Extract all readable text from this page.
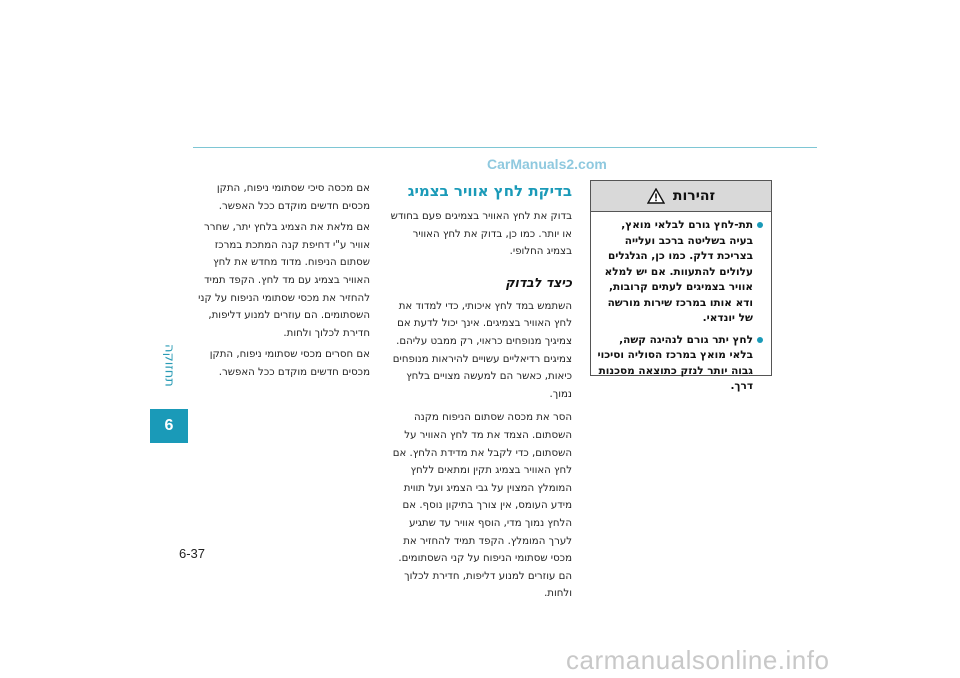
CarManuals2.com
תחזוקה
6
זהירות
תת-לחץ גורם לבלאי מואץ, בעיה בשליטה ברכב ועלייה בצריכת דלק. כמו כן, הגלגלים עלולים להתעוות. אם יש למלא אוויר בצמיגים לעתים קרובות, ודא אותו במרכז שירות מורשה של יונדאי.
לחץ יתר גורם לנהיגה קשה, בלאי מואץ במרכז הסוליה וסיכוי גבוה יותר לנזק כתוצאה מסכנות דרך.
בדיקת לחץ אוויר בצמיג

בדוק את לחץ האוויר בצמיגים פעם בחודש או יותר. כמו כן, בדוק את לחץ האוויר בצמיג החלופי.

כיצד לבדוק

השתמש במד לחץ איכותי, כדי למדוד את לחץ האוויר בצמיגים. אינך יכול לדעת אם צמיגיך מנופחים כראוי, רק ממבט עליהם. צמיגים רדיאליים עשויים להיראות מנופחים כיאות, כאשר הם למעשה מצויים בלחץ נמוך.

הסר את מכסה שסתום הניפוח מקנה השסתום. הצמד את מד לחץ האוויר על השסתום, כדי לקבל את מדידת הלחץ. אם לחץ האוויר בצמיג תקין ומתאים ללחץ המומלץ המצוין על גבי הצמיג ועל תווית מידע העומס, אין צורך בתיקון נוסף. אם הלחץ נמוך מדי, הוסף אוויר עד שתגיע לערך המומלץ. הקפד תמיד להחזיר את מכסי שסתומי הניפוח על קני השסתומים. הם עוזרים למנוע דליפות, חדירת לכלוך ולחות.

אם מכסה סיכי שסתומי ניפוח, התקן מכסים חדשים מוקדם ככל האפשר.

אם מלאת את הצמיג בלחץ יתר, שחרר אוויר ע"י דחיפת קנה המתכת במרכז שסתום הניפוח. מדוד מחדש את לחץ האוויר בצמיג עם מד לחץ. הקפד תמיד להחזיר את מכסי שסתומי הניפוח על קני השסתומים. הם עוזרים למנוע דליפות, חדירת לכלוך ולחות.

אם חסרים מכסי שסתומי ניפוח, התקן מכסים חדשים מוקדם ככל האפשר.

6-37
carmanualsonline.info
